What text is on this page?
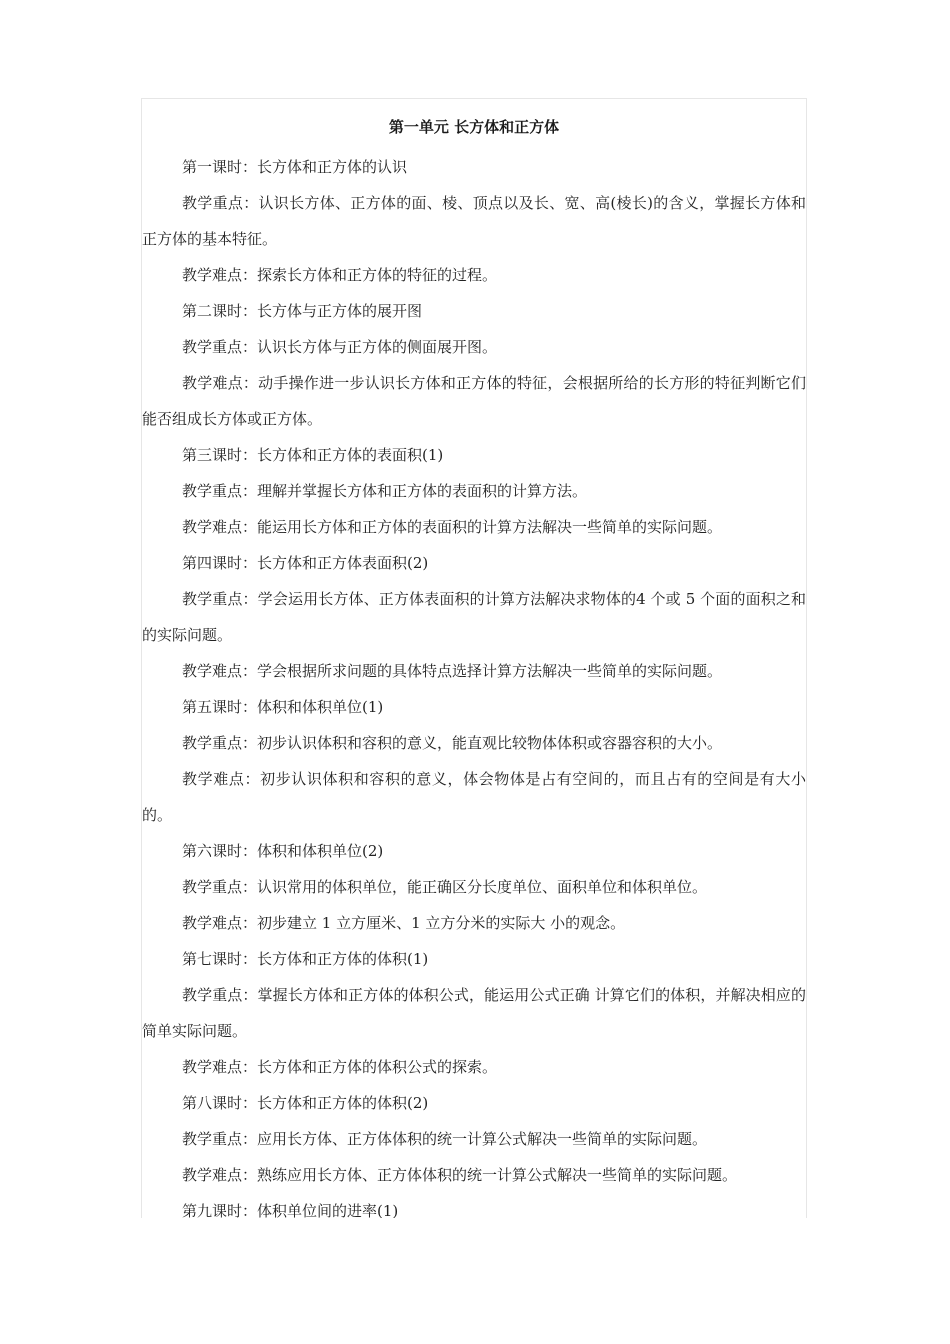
第一单元 长方体和正方体

第一课时：长方体和正方体的认识

教学重点：认识长方体、正方体的面、棱、顶点以及长、宽、高(棱长)的含义，掌握长方体和正方体的基本特征。

教学难点：探索长方体和正方体的特征的过程。

第二课时：长方体与正方体的展开图

教学重点：认识长方体与正方体的侧面展开图。

教学难点：动手操作进一步认识长方体和正方体的特征，会根据所给的长方形的特征判断它们能否组成长方体或正方体。

第三课时：长方体和正方体的表面积(1)

教学重点：理解并掌握长方体和正方体的表面积的计算方法。

教学难点：能运用长方体和正方体的表面积的计算方法解决一些简单的实际问题。

第四课时：长方体和正方体表面积(2)

教学重点：学会运用长方体、正方体表面积的计算方法解决求物体的4 个或 5 个面的面积之和的实际问题。

教学难点：学会根据所求问题的具体特点选择计算方法解决一些简单的实际问题。

第五课时：体积和体积单位(1)

教学重点：初步认识体积和容积的意义，能直观比较物体体积或容器容积的大小。

教学难点：初步认识体积和容积的意义，体会物体是占有空间的，而且占有的空间是有大小的。

第六课时：体积和体积单位(2)

教学重点：认识常用的体积单位，能正确区分长度单位、面积单位和体积单位。

教学难点：初步建立 1 立方厘米、1 立方分米的实际大 小的观念。

第七课时：长方体和正方体的体积(1)

教学重点：掌握长方体和正方体的体积公式，能运用公式正确 计算它们的体积，并解决相应的简单实际问题。

教学难点：长方体和正方体的体积公式的探索。

第八课时：长方体和正方体的体积(2)

教学重点：应用长方体、正方体体积的统一计算公式解决一些简单的实际问题。

教学难点：熟练应用长方体、正方体体积的统一计算公式解决一些简单的实际问题。

第九课时：体积单位间的进率(1)
